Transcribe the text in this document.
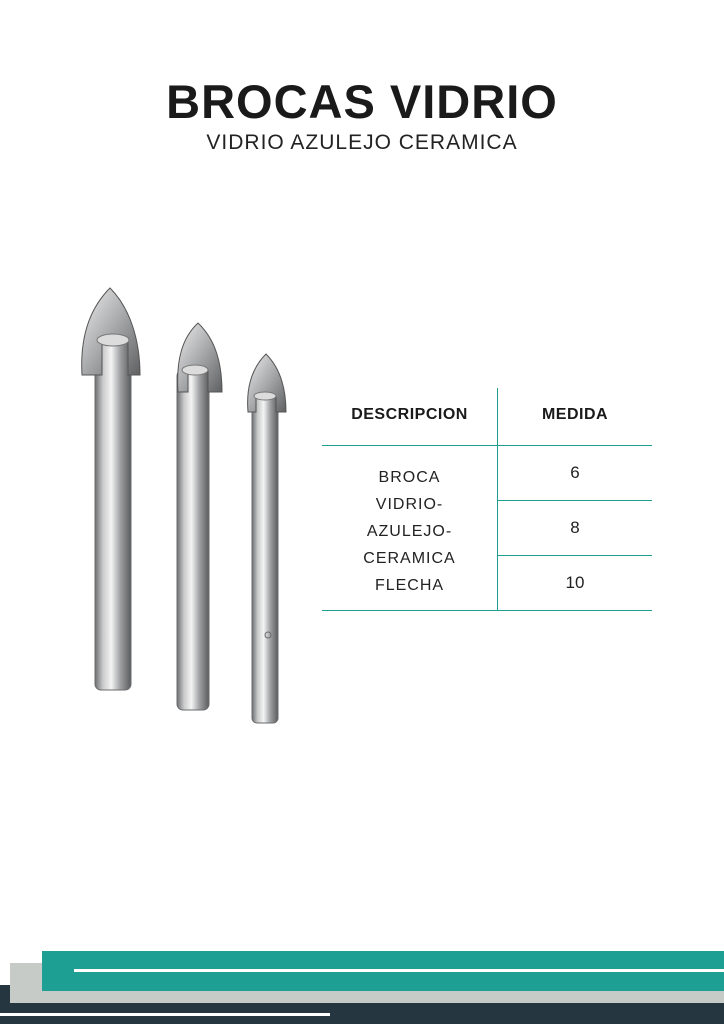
BROCAS VIDRIO
VIDRIO AZULEJO CERAMICA
DESCRIPCION	MEDIDA
BROCA
VIDRIO-
AZULEJO-
CERAMICA
FLECHA
6
8
10
